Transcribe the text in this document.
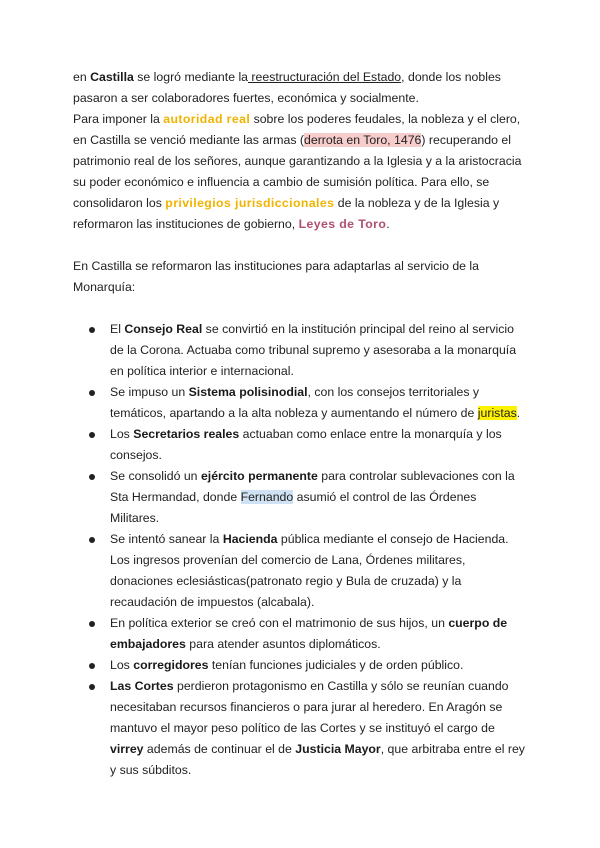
en Castilla se logró mediante la reestructuración del Estado, donde los nobles pasaron a ser colaboradores fuertes, económica y socialmente.

Para imponer la autoridad real sobre los poderes feudales, la nobleza y el clero, en Castilla se venció mediante las armas (derrota en Toro, 1476) recuperando el patrimonio real de los señores, aunque garantizando a la Iglesia y a la aristocracia su poder económico e influencia a cambio de sumisión política. Para ello, se consolidaron los privilegios jurisdiccionales de la nobleza y de la Iglesia y reformaron las instituciones de gobierno, Leyes de Toro.

En Castilla se reformaron las instituciones para adaptarlas al servicio de la Monarquía:

El Consejo Real se convirtió en la institución principal del reino al servicio de la Corona. Actuaba como tribunal supremo y asesoraba a la monarquía en política interior e internacional.
Se impuso un Sistema polisinodial, con los consejos territoriales y temáticos, apartando a la alta nobleza y aumentando el número de juristas.
Los Secretarios reales actuaban como enlace entre la monarquía y los consejos.
Se consolidó un ejército permanente para controlar sublevaciones con la Sta Hermandad, donde Fernando asumió el control de las Órdenes Militares.
Se intentó sanear la Hacienda pública mediante el consejo de Hacienda. Los ingresos provenían del comercio de Lana, Órdenes militares, donaciones eclesiásticas(patronato regio y Bula de cruzada) y la recaudación de impuestos (alcabala).
En política exterior se creó con el matrimonio de sus hijos, un cuerpo de embajadores para atender asuntos diplomáticos.
Los corregidores tenían funciones judiciales y de orden público.
Las Cortes perdieron protagonismo en Castilla y sólo se reunían cuando necesitaban recursos financieros o para jurar al heredero. En Aragón se mantuvo el mayor peso político de las Cortes y se instituyó el cargo de virrey además de continuar el de Justicia Mayor, que arbitraba entre el rey y sus súbditos.
